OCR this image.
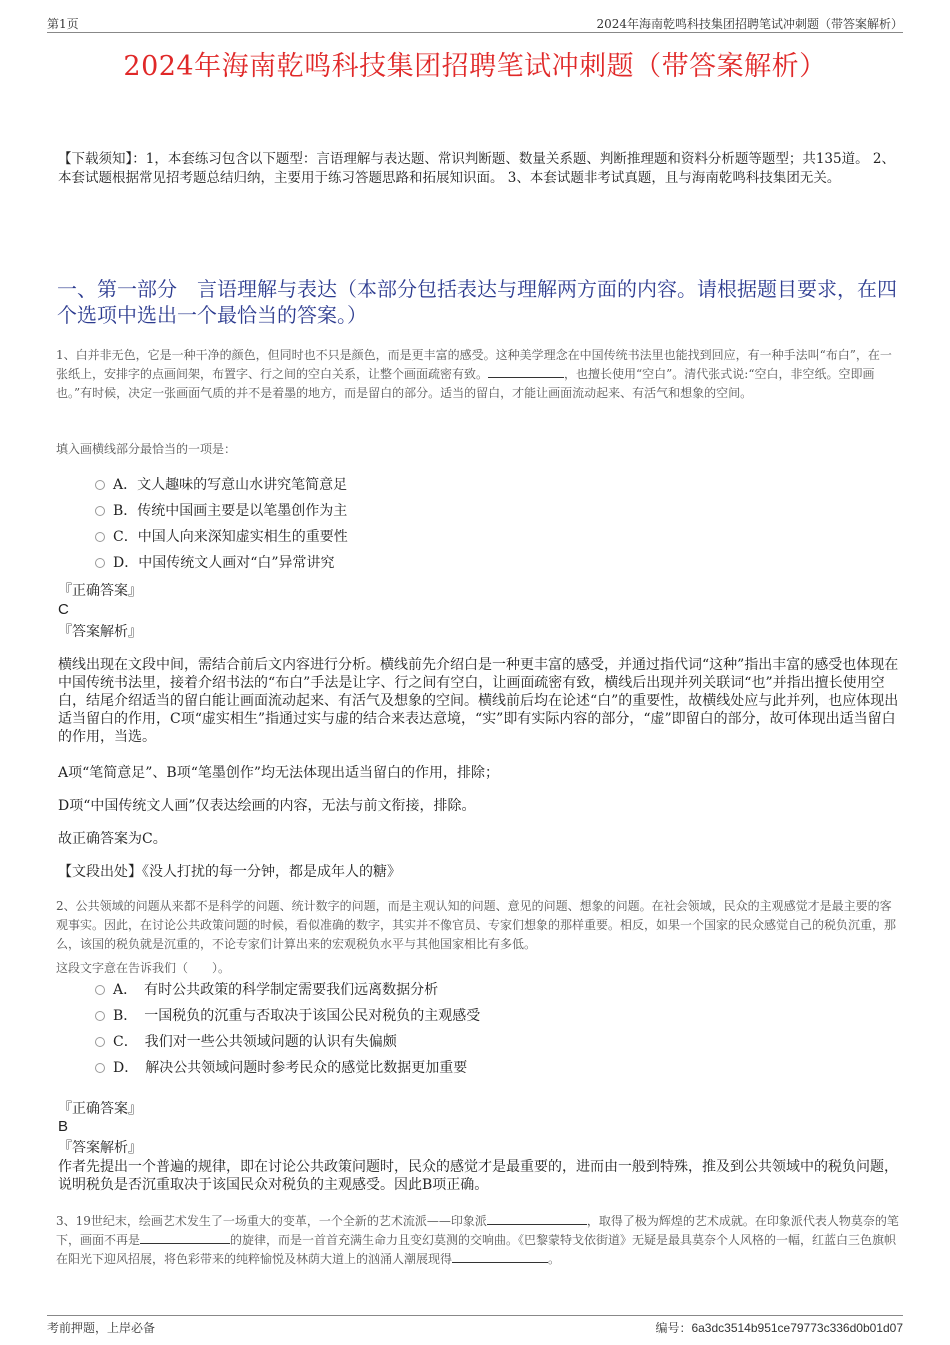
第1页	2024年海南乾鸣科技集团招聘笔试冲刺题（带答案解析）
2024年海南乾鸣科技集团招聘笔试冲刺题（带答案解析）
【下载须知】：1，本套练习包含以下题型：言语理解与表达题、常识判断题、数量关系题、判断推理题和资料分析题等题型；共135道。 2、本套试题根据常见招考题总结归纳，主要用于练习答题思路和拓展知识面。 3、本套试题非考试真题，且与海南乾鸣科技集团无关。
一、第一部分　言语理解与表达（本部分包括表达与理解两方面的内容。请根据题目要求，在四个选项中选出一个最恰当的答案。）
1、白并非无色，它是一种干净的颜色，但同时也不只是颜色，而是更丰富的感受。这种美学理念在中国传统书法里也能找到回应，有一种手法叫“布白”，在一张纸上，安排字的点画间架，布置字、行之间的空白关系，让整个画面疏密有致。	，也擅长使用“空白”。清代张式说:“空白，非空纸。空即画也。”有时候，决定一张画面气质的并不是着墨的地方，而是留白的部分。适当的留白，才能让画面流动起来、有活气和想象的空间。
填入画横线部分最恰当的一项是：
A．文人趣味的写意山水讲究笔简意足
B．传统中国画主要是以笔墨创作为主
C．中国人向来深知虚实相生的重要性
D．中国传统文人画对“白”异常讲究
『正确答案』
C
『答案解析』
横线出现在文段中间，需结合前后文内容进行分析。横线前先介绍白是一种更丰富的感受，并通过指代词“这种”指出丰富的感受也体现在中国传统书法里，接着介绍书法的“布白”手法是让字、行之间有空白，让画面疏密有致，横线后出现并列关联词“也”并指出擅长使用空白，结尾介绍适当的留白能让画面流动起来、有活气及想象的空间。横线前后均在论述“白”的重要性，故横线处应与此并列，也应体现出适当留白的作用，C项“虚实相生”指通过实与虚的结合来表达意境，“实”即有实际内容的部分，“虚”即留白的部分，故可体现出适当留白的作用，当选。
A项“笔简意足”、B项“笔墨创作”均无法体现出适当留白的作用，排除；
D项“中国传统文人画”仅表达绘画的内容，无法与前文衔接，排除。
故正确答案为C。
【文段出处】《没人打扰的每一分钟，都是成年人的糖》
2、公共领域的问题从来都不是科学的问题、统计数字的问题，而是主观认知的问题、意见的问题、想象的问题。在社会领域，民众的主观感觉才是最主要的客观事实。因此，在讨论公共政策问题的时候，看似准确的数字，其实并不像官员、专家们想象的那样重要。相反，如果一个国家的民众感觉自己的税负沉重，那么，该国的税负就是沉重的，不论专家们计算出来的宏观税负水平与其他国家相比有多低。
这段文字意在告诉我们（　　）。
A．　有时公共政策的科学制定需要我们远离数据分析
B．　一国税负的沉重与否取决于该国公民对税负的主观感受
C．　我们对一些公共领域问题的认识有失偏颇
D．　解决公共领域问题时参考民众的感觉比数据更加重要
『正确答案』
B
『答案解析』
作者先提出一个普遍的规律，即在讨论公共政策问题时，民众的感觉才是最重要的，进而由一般到特殊，推及到公共领域中的税负问题，说明税负是否沉重取决于该国民众对税负的主观感受。因此B项正确。
3、19世纪末，绘画艺术发生了一场重大的变革，一个全新的艺术流派——印象派	，取得了极为辉煌的艺术成就。在印象派代表人物莫奈的笔下，画面不再是	的旋律，而是一首首充满生命力且变幻莫测的交响曲。《巴黎蒙特戈依街道》无疑是最具莫奈个人风格的一幅，红蓝白三色旗帜在阳光下迎风招展，将色彩带来的纯粹愉悦及林荫大道上的汹涌人潮展现得	。
考前押题，上岸必备	编号：6a3dc3514b951ce79773c336d0b01d07
